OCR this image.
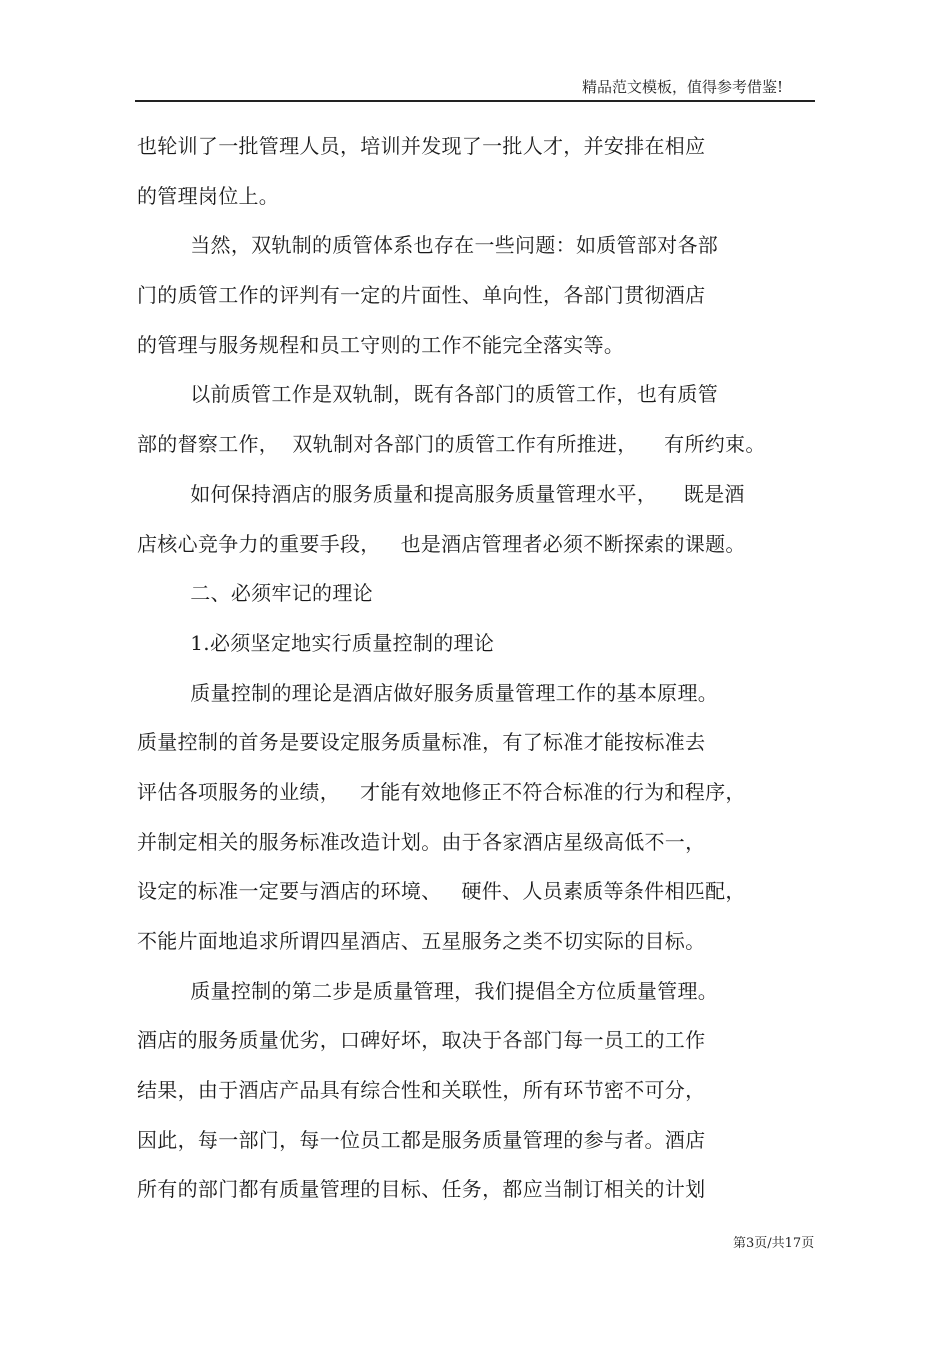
精品范文模板，值得参考借鉴!
也轮训了一批管理人员，培训并发现了一批人才，并安排在相应
的管理岗位上。
当然，双轨制的质管体系也存在一些问题：如质管部对各部
门的质管工作的评判有一定的片面性、单向性，各部门贯彻酒店
的管理与服务规程和员工守则的工作不能完全落实等。
以前质管工作是双轨制，既有各部门的质管工作，也有质管
部的督察工作，  双轨制对各部门的质管工作有所推进，    有所约束。
如何保持酒店的服务质量和提高服务质量管理水平，    既是酒
店核心竞争力的重要手段，   也是酒店管理者必须不断探索的课题。
二、必须牢记的理论
1.必须坚定地实行质量控制的理论
质量控制的理论是酒店做好服务质量管理工作的基本原理。
质量控制的首务是要设定服务质量标准，有了标准才能按标准去
评估各项服务的业绩，   才能有效地修正不符合标准的行为和程序，
并制定相关的服务标准改造计划。由于各家酒店星级高低不一，
设定的标准一定要与酒店的环境、   硬件、人员素质等条件相匹配，
不能片面地追求所谓四星酒店、五星服务之类不切实际的目标。
质量控制的第二步是质量管理，我们提倡全方位质量管理。
酒店的服务质量优劣，口碑好坏，取决于各部门每一员工的工作
结果，由于酒店产品具有综合性和关联性，所有环节密不可分，
因此，每一部门，每一位员工都是服务质量管理的参与者。酒店
所有的部门都有质量管理的目标、任务，都应当制订相关的计划
第3页/共17页
